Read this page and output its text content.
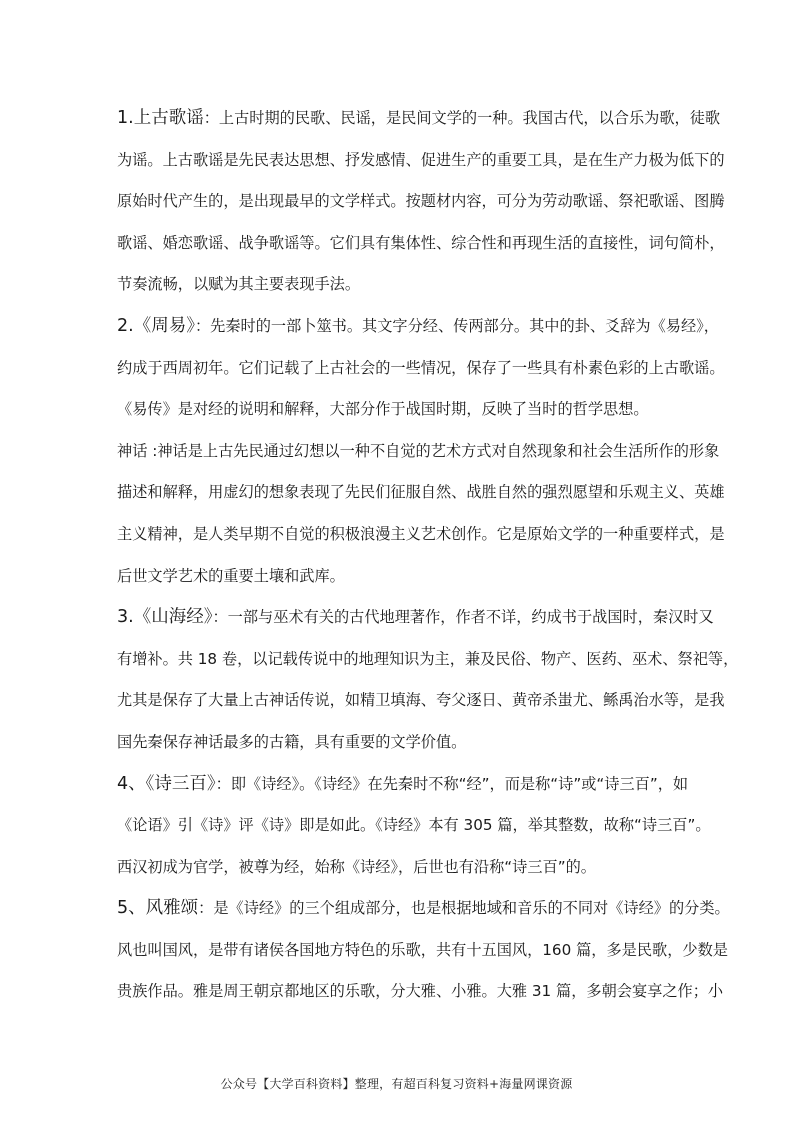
1.上古歌谣：上古时期的民歌、民谣，是民间文学的一种。我国古代，以合乐为歌，徒歌
为谣。上古歌谣是先民表达思想、抒发感情、促进生产的重要工具，是在生产力极为低下的
原始时代产生的，是出现最早的文学样式。按题材内容，可分为劳动歌谣、祭祀歌谣、图腾
歌谣、婚恋歌谣、战争歌谣等。它们具有集体性、综合性和再现生活的直接性，词句简朴，
节奏流畅，以赋为其主要表现手法。
2.《周易》：先秦时的一部卜筮书。其文字分经、传两部分。其中的卦、爻辞为《易经》，
约成于西周初年。它们记载了上古社会的一些情况，保存了一些具有朴素色彩的上古歌谣。
《易传》是对经的说明和解释，大部分作于战国时期，反映了当时的哲学思想。
神话 :神话是上古先民通过幻想以一种不自觉的艺术方式对自然现象和社会生活所作的形象
描述和解释，用虚幻的想象表现了先民们征服自然、战胜自然的强烈愿望和乐观主义、英雄
主义精神，是人类早期不自觉的积极浪漫主义艺术创作。它是原始文学的一种重要样式，是
后世文学艺术的重要土壤和武库。
3.《山海经》：一部与巫术有关的古代地理著作，作者不详，约成书于战国时，秦汉时又
有增补。共 18 卷，以记载传说中的地理知识为主，兼及民俗、物产、医药、巫术、祭祀等，
尤其是保存了大量上古神话传说，如精卫填海、夸父逐日、黄帝杀蚩尤、鲧禹治水等，是我
国先秦保存神话最多的古籍，具有重要的文学价值。
4、《诗三百》：即《诗经》。《诗经》在先秦时不称“经”，而是称“诗”或“诗三百”，如
《论语》引《诗》评《诗》即是如此。《诗经》本有 305 篇，举其整数，故称“诗三百”。
西汉初成为官学，被尊为经，始称《诗经》，后世也有沿称“诗三百”的。
5、风雅颂：是《诗经》的三个组成部分，也是根据地域和音乐的不同对《诗经》的分类。
风也叫国风，是带有诸侯各国地方特色的乐歌，共有十五国风，160 篇，多是民歌，少数是
贵族作品。雅是周王朝京都地区的乐歌，分大雅、小雅。大雅 31 篇，多朝会宴享之作；小
公众号【大学百科资料】整理，有超百科复习资料+海量网课资源
